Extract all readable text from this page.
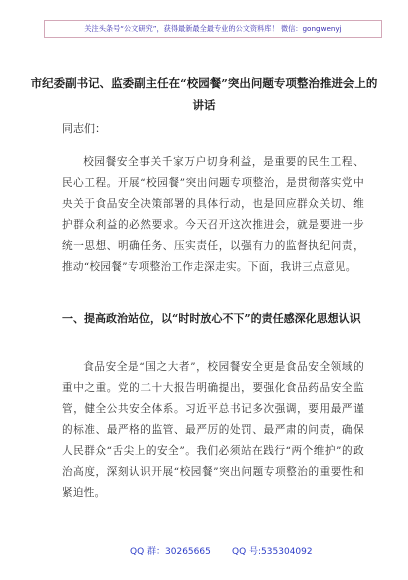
关注头条号“公文研究”，获得最新最全最专业的公文资料库！ 微信：gongwenyj
市纪委副书记、监委副主任在“校园餐”突出问题专项整治推进会上的讲话
同志们：
校园餐安全事关千家万户切身利益，是重要的民生工程、民心工程。开展“校园餐”突出问题专项整治，是贯彻落实党中央关于食品安全决策部署的具体行动，也是回应群众关切、维护群众利益的必然要求。今天召开这次推进会，就是要进一步统一思想、明确任务、压实责任，以强有力的监督执纪问责，推动“校园餐”专项整治工作走深走实。下面，我讲三点意见。
一、提高政治站位，以“时时放心不下”的责任感深化思想认识
食品安全是“国之大者”，校园餐安全更是食品安全领域的重中之重。党的二十大报告明确提出，要强化食品药品安全监管，健全公共安全体系。习近平总书记多次强调，要用最严谨的标准、最严格的监管、最严厉的处罚、最严肃的问责，确保人民群众“舌尖上的安全”。我们必须站在践行“两个维护”的政治高度，深刻认识开展“校园餐”突出问题专项整治的重要性和紧迫性。
QQ 群：30265665 QQ 号:535304092
